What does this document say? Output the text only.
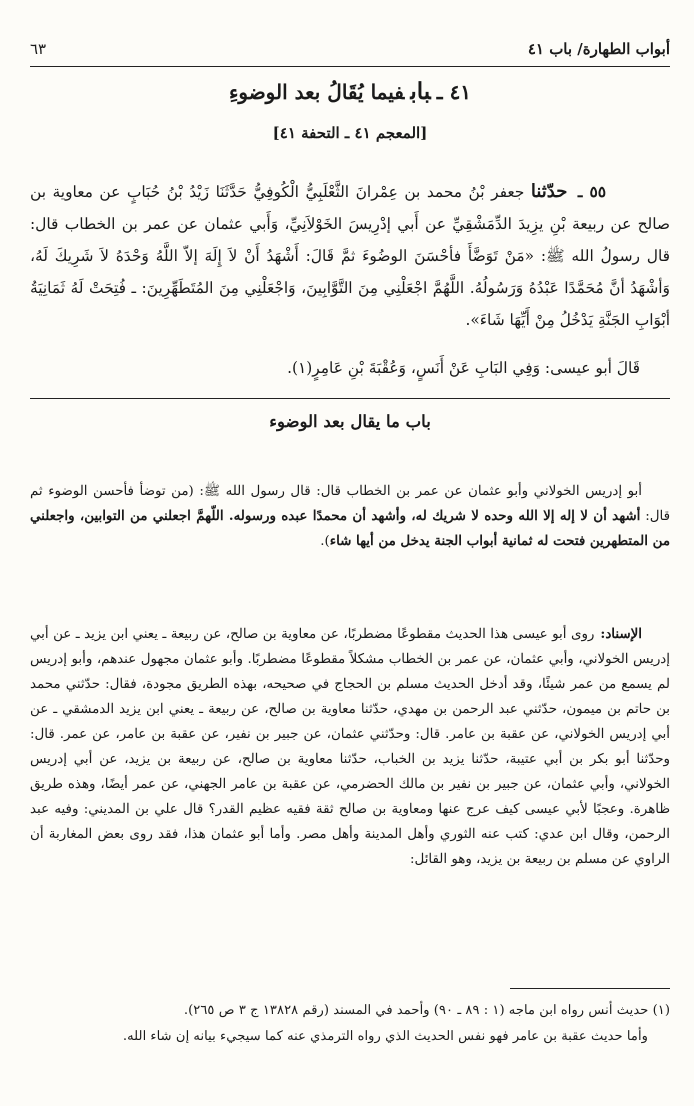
أبواب الطهارة/ باب ٤١
٦٣
٤١ ـبابفيما يُقَالُ بعد الوضوءِ
[المعجم ٤١ ـ التحفة ٤١]
٥٥ ـ حدّثنا جعفر بْنُ محمد بن عِمْرانَ الثَّعْلَبِيُّ الْكُوفِيُّ حَدَّثَنَا زَيْدُ بْنُ حُبَابٍ عن معاوية بن صالح عن ربيعة بْنِ يزِيدَ الدِّمَشْقِيِّ عن أَبي إدْرِيسَ الخَوْلاَنِيِّ، وَأَبي عثمان عن عمر بن الخطاب قال: قال رسولُ الله ﷺ: «مَنْ تَوَضَّأَ فأحْسَنَ الوضُوءَ ثمَّ قَالَ: أَشْهَدُ أَنْ لاَ إِلَهَ إلاّ اللَّهُ وَحْدَهُ لاَ شَرِيكَ لَهُ، وَأشْهَدُ أنَّ مُحَمَّدًا عَبْدُهُ وَرَسُولُهُ. اللَّهُمَّ اجْعَلْنِي مِنَ التَّوَّابِينَ، وَاجْعَلْنِي مِنَ المُتَطَهِّرِينَ: ـ فُتِحَتْ لَهُ ثَمَانِيَةُ أبْوَابِ الجَنَّةِ يَدْخُلُ مِنْ أَيِّهَا شَاءَ».
قَالَ أبو عيسى: وَفِي البَابِ عَنْ أَنَسٍ، وَعُقْبَةَ بْنِ عَامِرٍ(١).
باب ما يقال بعد الوضوء
أبو إدريس الخولاني وأبو عثمان عن عمر بن الخطاب قال: قال رسول الله ﷺ: (من توضأ فأحسن الوضوء ثم قال: أشهد أن لا إله إلا الله وحده لا شريك له، وأشهد أن محمدًا عبده ورسوله. اللّهمَّ اجعلني من التوابين، واجعلني من المتطهرين فتحت له ثمانية أبواب الجنة يدخل من أيها شاء).
الإسناد:روى أبو عيسى هذا الحديث مقطوعًا مضطربًا، عن معاوية بن صالح، عن ربيعة ـ يعني ابن يزيد ـ عن أبي إدريس الخولاني، وأبي عثمان، عن عمر بن الخطاب مشكلاً مقطوعًا مضطربًا. وأبو عثمان مجهول عندهم، وأبو إدريس لم يسمع من عمر شيئًا، وقد أدخل الحديث مسلم بن الحجاج في صحيحه، بهذه الطريق مجودة، فقال: حدّثني محمد بن حاتم بن ميمون، حدّثني عبد الرحمن بن مهدي، حدّثنا معاوية بن صالح، عن ربيعة ـ يعني ابن يزيد الدمشقي ـ عن أبي إدريس الخولاني، عن عقبة بن عامر. قال: وحدّثني عثمان، عن جبير بن نفير، عن عقبة بن عامر، عن عمر. قال: وحدّثنا أبو بكر بن أبي عتيبة، حدّثنا يزيد بن الخباب، حدّثنا معاوية بن صالح، عن ربيعة بن يزيد، عن أبي إدريس الخولاني، وأبي عثمان، عن جبير بن نفير بن مالك الحضرمي، عن عقبة بن عامر الجهني، عن عمر أيضًا، وهذه طريق ظاهرة. وعجبًا لأبي عيسى كيف عرج عنها ومعاوية بن صالح ثقة فقيه عظيم القدر؟ قال علي بن المديني: وفيه عبد الرحمن، وقال ابن عدي: كتب عنه الثوري وأهل المدينة وأهل مصر. وأما أبو عثمان هذا، فقد روى بعض المغاربة أن الراوي عن مسلم بن ربيعة بن يزيد، وهو القائل:
(١) حديث أنس رواه ابن ماجه (١ : ٨٩ ـ ٩٠) وأحمد في المسند (رقم ١٣٨٢٨ ج ٣ ص ٢٦٥).
وأما حديث عقبة بن عامر فهو نفس الحديث الذي رواه الترمذي عنه كما سيجيء بيانه إن شاء الله.
